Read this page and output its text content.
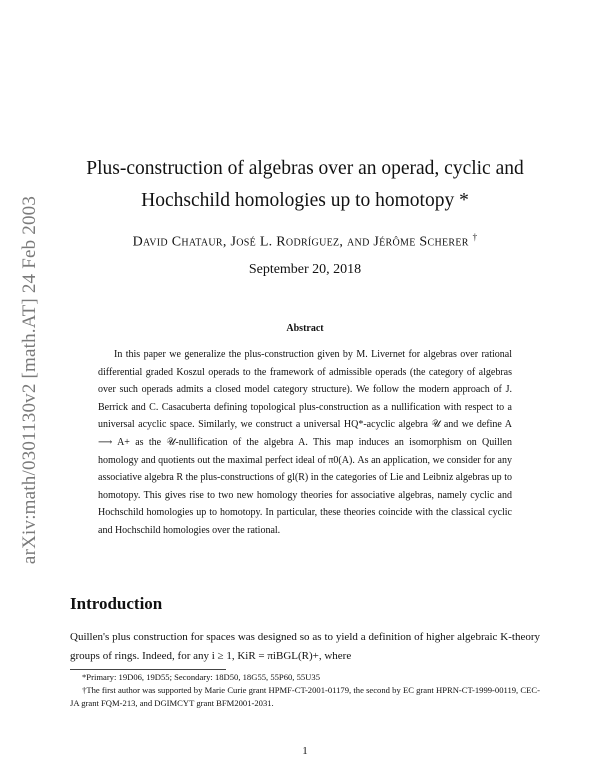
arXiv:math/0301130v2 [math.AT] 24 Feb 2003
Plus-construction of algebras over an operad, cyclic and Hochschild homologies up to homotopy *
David Chataur, José L. Rodríguez, and Jérôme Scherer †
September 20, 2018
Abstract

In this paper we generalize the plus-construction given by M. Livernet for algebras over rational differential graded Koszul operads to the framework of admissible operads (the category of algebras over such operads admits a closed model category structure). We follow the modern approach of J. Berrick and C. Casacuberta defining topological plus-construction as a nullification with respect to a universal acyclic space. Similarly, we construct a universal HQ*-acyclic algebra 𝒰 and we define A ⟶ A+ as the 𝒰-nullification of the algebra A. This map induces an isomorphism on Quillen homology and quotients out the maximal perfect ideal of π0(A). As an application, we consider for any associative algebra R the plus-constructions of gl(R) in the categories of Lie and Leibniz algebras up to homotopy. This gives rise to two new homology theories for associative algebras, namely cyclic and Hochschild homologies up to homotopy. In particular, these theories coincide with the classical cyclic and Hochschild homologies over the rational.

Introduction

Quillen's plus construction for spaces was designed so as to yield a definition of higher algebraic K-theory groups of rings. Indeed, for any i ≥ 1, KiR = πiBGL(R)+, where

*Primary: 19D06, 19D55; Secondary: 18D50, 18G55, 55P60, 55U35

†The first author was supported by Marie Curie grant HPMF-CT-2001-01179, the second by EC grant HPRN-CT-1999-00119, CEC-JA grant FQM-213, and DGIMCYT grant BFM2001-2031.

1
